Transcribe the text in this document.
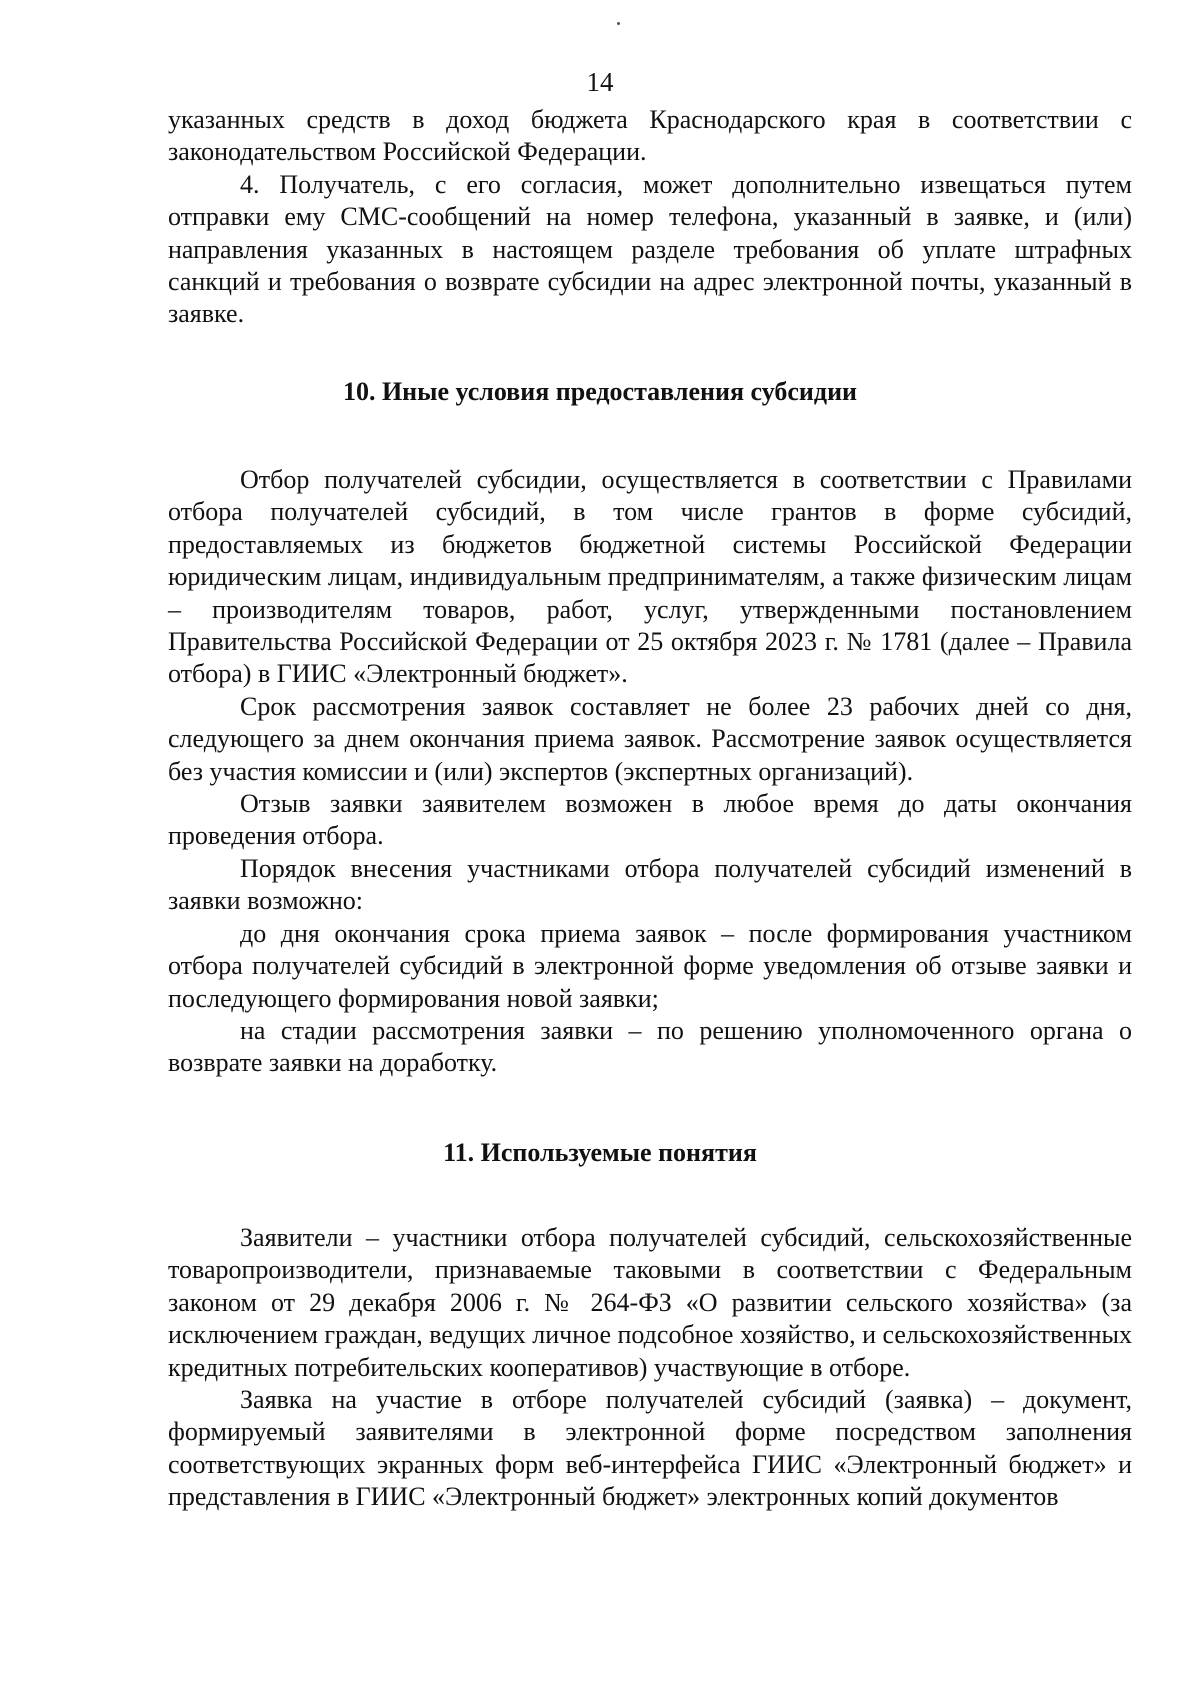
14

указанных средств в доход бюджета Краснодарского края в соответствии с законодательством Российской Федерации.

4. Получатель, с его согласия, может дополнительно извещаться путем отправки ему СМС-сообщений на номер телефона, указанный в заявке, и (или) направления указанных в настоящем разделе требования об уплате штрафных санкций и требования о возврате субсидии на адрес электронной почты, указанный в заявке.

10. Иные условия предоставления субсидии

Отбор получателей субсидии, осуществляется в соответствии с Правилами отбора получателей субсидий, в том числе грантов в форме субсидий, предоставляемых из бюджетов бюджетной системы Российской Федерации юридическим лицам, индивидуальным предпринимателям, а также физическим лицам – производителям товаров, работ, услуг, утвержденными постановлением Правительства Российской Федерации от 25 октября 2023 г. № 1781 (далее – Правила отбора) в ГИИС «Электронный бюджет».

Срок рассмотрения заявок составляет не более 23 рабочих дней со дня, следующего за днем окончания приема заявок. Рассмотрение заявок осуществляется без участия комиссии и (или) экспертов (экспертных организаций).

Отзыв заявки заявителем возможен в любое время до даты окончания проведения отбора.

Порядок внесения участниками отбора получателей субсидий изменений в заявки возможно:

до дня окончания срока приема заявок – после формирования участником отбора получателей субсидий в электронной форме уведомления об отзыве заявки и последующего формирования новой заявки;

на стадии рассмотрения заявки – по решению уполномоченного органа о возврате заявки на доработку.

11. Используемые понятия

Заявители – участники отбора получателей субсидий, сельскохозяйственные товаропроизводители, признаваемые таковыми в соответствии с Федеральным законом от 29 декабря 2006 г. № 264-ФЗ «О развитии сельского хозяйства» (за исключением граждан, ведущих личное подсобное хозяйство, и сельскохозяйственных кредитных потребительских кооперативов) участвующие в отборе.

Заявка на участие в отборе получателей субсидий (заявка) – документ, формируемый заявителями в электронной форме посредством заполнения соответствующих экранных форм веб-интерфейса ГИИС «Электронный бюджет» и представления в ГИИС «Электронный бюджет» электронных копий документов
